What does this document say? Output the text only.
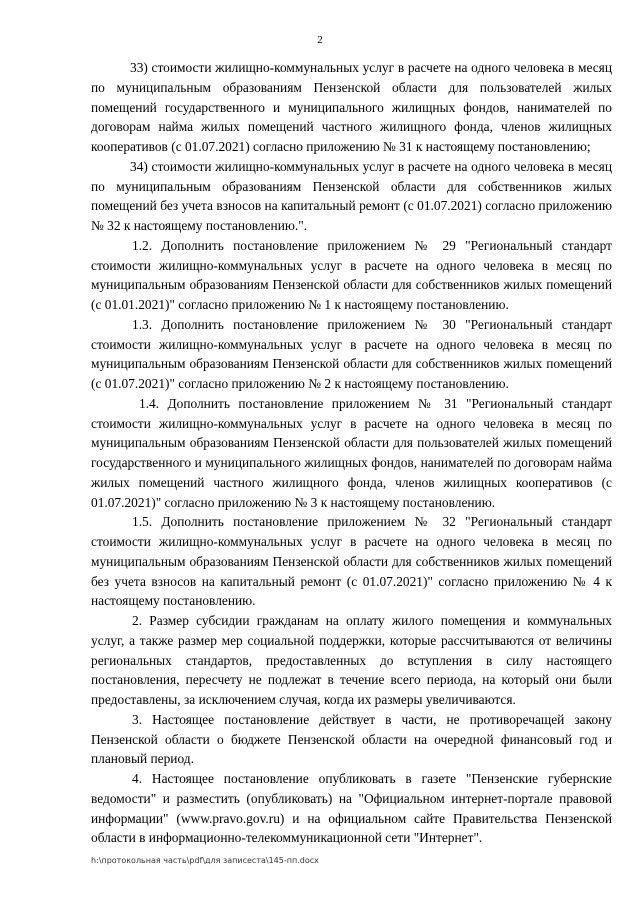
2

33) стоимости жилищно-коммунальных услуг в расчете на одного человека в месяц по муниципальным образованиям Пензенской области для пользователей жилых помещений государственного и муниципального жилищных фондов, нанимателей по договорам найма жилых помещений частного жилищного фонда, членов жилищных кооперативов (с 01.07.2021) согласно приложению № 31 к настоящему постановлению;

34) стоимости жилищно-коммунальных услуг в расчете на одного человека в месяц по муниципальным образованиям Пензенской области для собственников жилых помещений без учета взносов на капитальный ремонт (с 01.07.2021) согласно приложению № 32 к настоящему постановлению.".

1.2. Дополнить постановление приложением № 29 "Региональный стандарт стоимости жилищно-коммунальных услуг в расчете на одного человека в месяц по муниципальным образованиям Пензенской области для собственников жилых помещений (с 01.01.2021)" согласно приложению № 1 к настоящему постановлению.

1.3. Дополнить постановление приложением № 30 "Региональный стандарт стоимости жилищно-коммунальных услуг в расчете на одного человека в месяц по муниципальным образованиям Пензенской области для собственников жилых помещений (с 01.07.2021)" согласно приложению № 2 к настоящему постановлению.

1.4. Дополнить постановление приложением № 31 "Региональный стандарт стоимости жилищно-коммунальных услуг в расчете на одного человека в месяц по муниципальным образованиям Пензенской области для пользователей жилых помещений государственного и муниципального жилищных фондов, нанимателей по договорам найма жилых помещений частного жилищного фонда, членов жилищных кооперативов (с 01.07.2021)" согласно приложению № 3 к настоящему постановлению.

1.5. Дополнить постановление приложением № 32 "Региональный стандарт стоимости жилищно-коммунальных услуг в расчете на одного человека в месяц по муниципальным образованиям Пензенской области для собственников жилых помещений без учета взносов на капитальный ремонт (с 01.07.2021)" согласно приложению № 4 к настоящему постановлению.

2. Размер субсидии гражданам на оплату жилого помещения и коммунальных услуг, а также размер мер социальной поддержки, которые рассчитываются от величины региональных стандартов, предоставленных до вступления в силу настоящего постановления, пересчету не подлежат в течение всего периода, на который они были предоставлены, за исключением случая, когда их размеры увеличиваются.

3. Настоящее постановление действует в части, не противоречащей закону Пензенской области о бюджете Пензенской области на очередной финансовый год и плановый период.

4. Настоящее постановление опубликовать в газете "Пензенские губернские ведомости" и разместить (опубликовать) на "Официальном интернет-портале правовой информации" (www.pravo.gov.ru) и на официальном сайте Правительства Пензенской области в информационно-телекоммуникационной сети "Интернет".

h:\протокольная часть\pdf\для записеста\145-пп.docx
